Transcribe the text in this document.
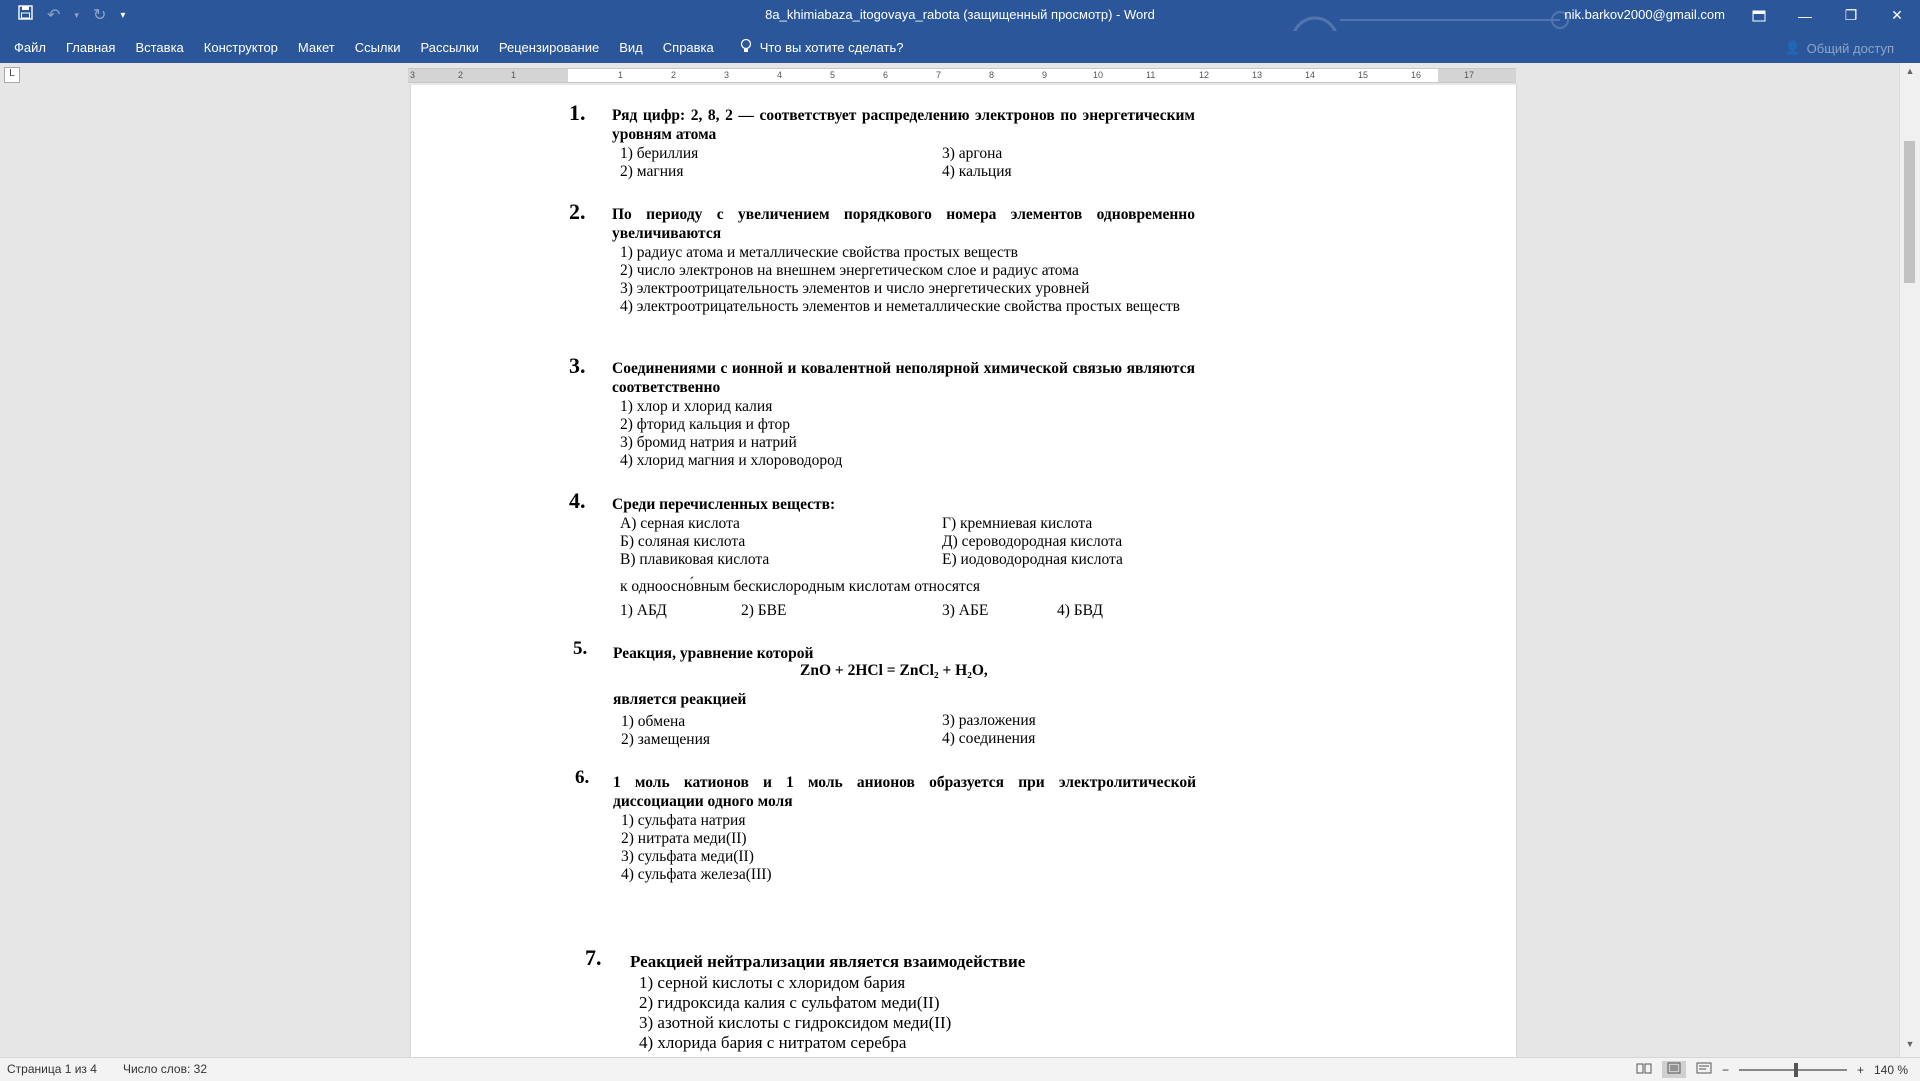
↶ ▾ ↻ ▾	8a_khimiabaza_itogovaya_rabota (защищенный просмотр) - Word	nik.barkov2000@gmail.com	—	❐	✕
Файл	Главная	Вставка	Конструктор	Макет	Ссылки	Рассылки	Рецензирование	Вид	Справка	Что вы хотите сделать?	👤 Общий доступ
L	3	2	1	1	2	3	4	5	6	7	8	9	10	11	12	13	14	15	16	17
1. Ряд цифр: 2, 8, 2 — соответствует распределению электронов по энергетическим уровням атома
1) бериллия
2) магния
3) аргона
4) кальция
2. По периоду с увеличением порядкового номера элементов одновременно увеличиваются
1) радиус атома и металлические свойства простых веществ
2) число электронов на внешнем энергетическом слое и радиус атома
3) электроотрицательность элементов и число энергетических уровней
4) электроотрицательность элементов и неметаллические свойства простых веществ
3. Соединениями с ионной и ковалентной неполярной химической связью являются соответственно
1) хлор и хлорид калия
2) фторид кальция и фтор
3) бромид натрия и натрий
4) хлорид магния и хлороводород
4. Среди перечисленных веществ:
А) серная кислота
Б) соляная кислота
В) плавиковая кислота
Г) кремниевая кислота
Д) сероводородная кислота
Е) иодоводородная кислота
к одноосно́вным бескислородным кислотам относятся
1) АБД	2) БВЕ	3) АБЕ	4) БВД
5. Реакция, уравнение которой
ZnO + 2HCl = ZnCl₂ + H₂O,
является реакцией
1) обмена
2) замещения
3) разложения
4) соединения
6. 1 моль катионов и 1 моль анионов образуется при электролитической диссоциации одного моля
1) сульфата натрия
2) нитрата меди(II)
3) сульфата меди(II)
4) сульфата железа(III)
7. Реакцией нейтрализации является взаимодействие
1) серной кислоты с хлоридом бария
2) гидроксида калия с сульфатом меди(II)
3) азотной кислоты с гидроксидом меди(II)
4) хлорида бария с нитратом серебра
▲
▼
Страница 1 из 4 Число слов: 32	−	+ 140 %
